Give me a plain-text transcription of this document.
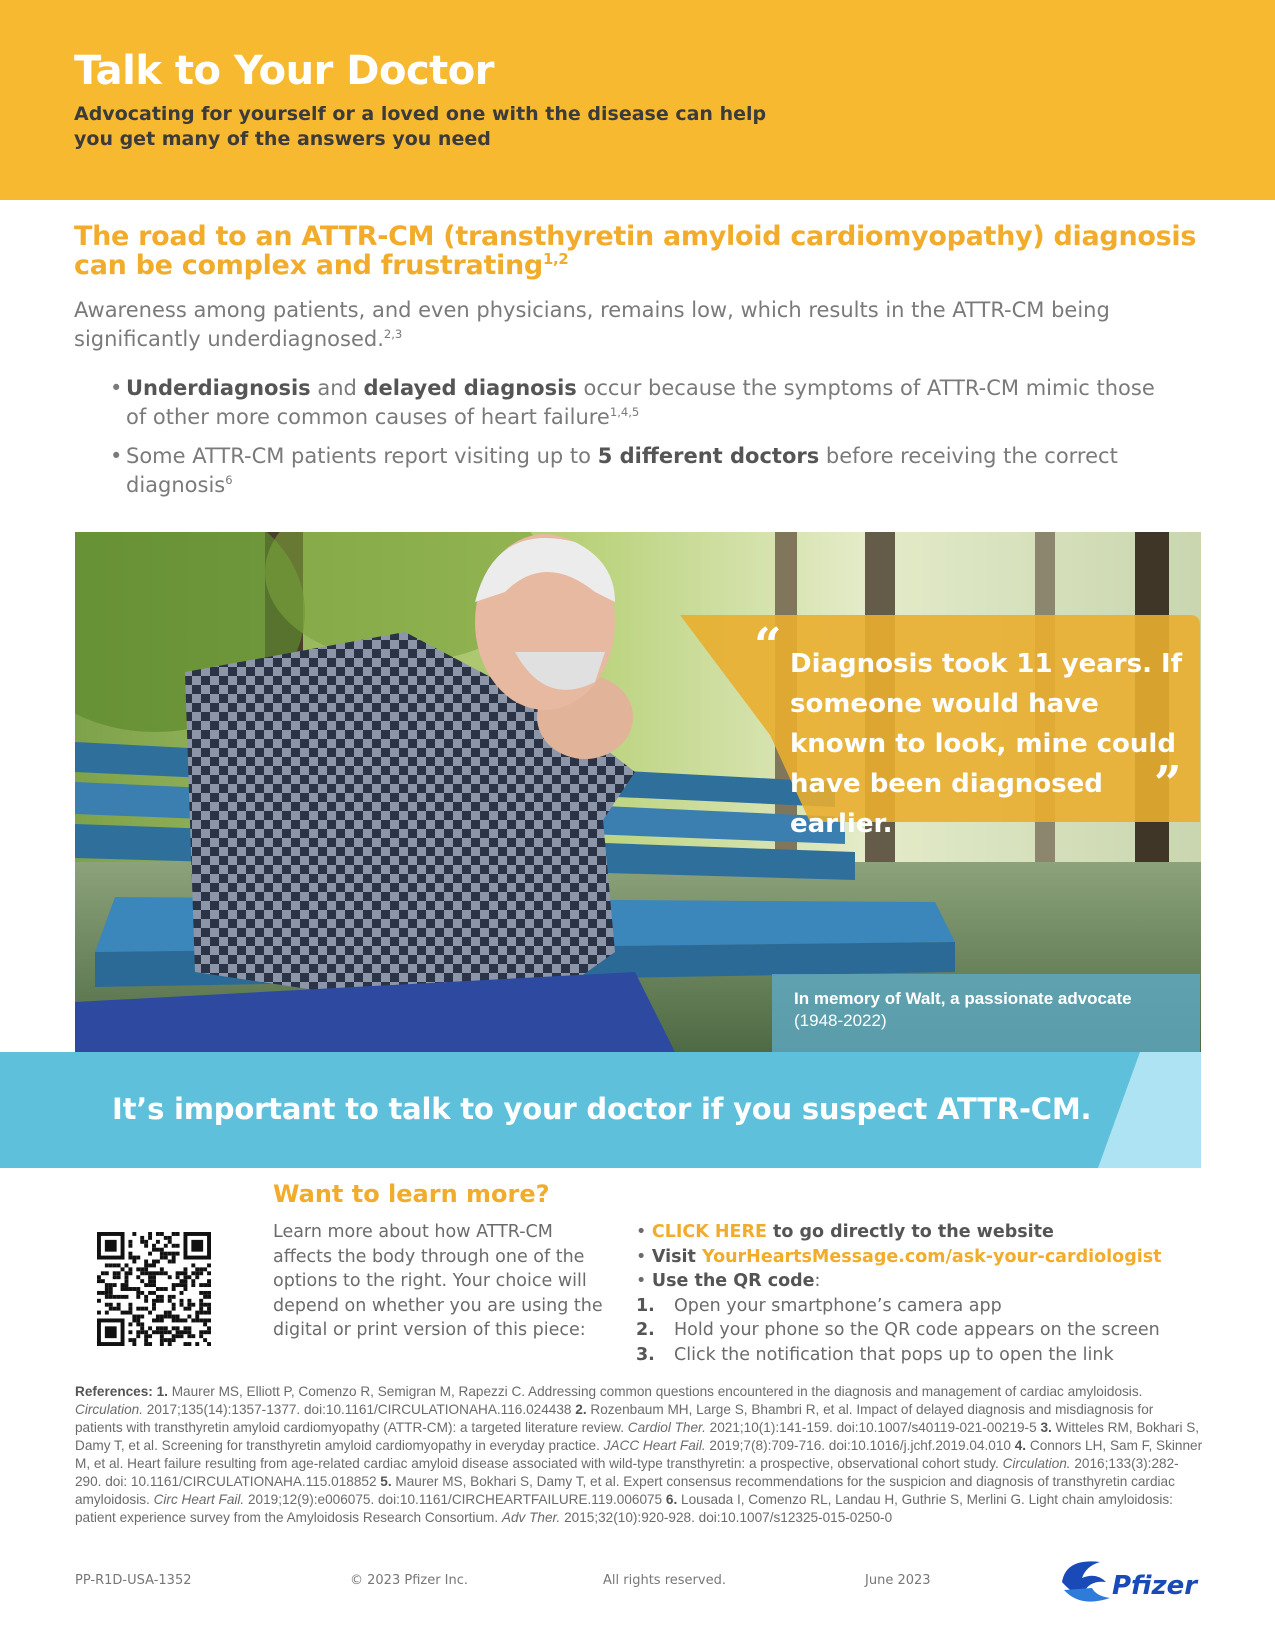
Talk to Your Doctor
Advocating for yourself or a loved one with the disease can help you get many of the answers you need
The road to an ATTR-CM (transthyretin amyloid cardiomyopathy) diagnosis can be complex and frustrating$^{1,2}$
Awareness among patients, and even physicians, remains low, which results in the ATTR-CM being significantly underdiagnosed.$^{2,3}$
• Underdiagnosis and delayed diagnosis occur because the symptoms of ATTR-CM mimic those of other more common causes of heart failure$^{1,4,5}$
• Some ATTR-CM patients report visiting up to 5 different doctors before receiving the correct diagnosis$^6$
“ Diagnosis took 11 years. If someone would have known to look, mine could have been diagnosed earlier.
”
In memory of Walt, a passionate advocate
(1948-2022)
It’s important to talk to your doctor if you suspect ATTR-CM.
Want to learn more?
Learn more about how ATTR-CM affects the body through one of the options to the right. Your choice will depend on whether you are using the digital or print version of this piece:
• CLICK HERE to go directly to the website
• Visit YourHeartsMessage.com/ask-your-cardiologist
• Use the QR code:
1. Open your smartphone’s camera app
2. Hold your phone so the QR code appears on the screen
3. Click the notification that pops up to open the link
References: 1. Maurer MS, Elliott P, Comenzo R, Semigran M, Rapezzi C. Addressing common questions encountered in the diagnosis and management of cardiac amyloidosis. Circulation. 2017;135(14):1357-1377. doi:10.1161/CIRCULATIONAHA.116.024438 2. Rozenbaum MH, Large S, Bhambri R, et al. Impact of delayed diagnosis and misdiagnosis for patients with transthyretin amyloid cardiomyopathy (ATTR-CM): a targeted literature review. Cardiol Ther. 2021;10(1):141-159. doi:10.1007/s40119-021-00219-5 3. Witteles RM, Bokhari S, Damy T, et al. Screening for transthyretin amyloid cardiomyopathy in everyday practice. JACC Heart Fail. 2019;7(8):709-716. doi:10.1016/j.jchf.2019.04.010 4. Connors LH, Sam F, Skinner M, et al. Heart failure resulting from age-related cardiac amyloid disease associated with wild-type transthyretin: a prospective, observational cohort study. Circulation. 2016;133(3):282-290. doi: 10.1161/CIRCULATIONAHA.115.018852 5. Maurer MS, Bokhari S, Damy T, et al. Expert consensus recommendations for the suspicion and diagnosis of transthyretin cardiac amyloidosis. Circ Heart Fail. 2019;12(9):e006075. doi:10.1161/CIRCHEARTFAILURE.119.006075 6. Lousada I, Comenzo RL, Landau H, Guthrie S, Merlini G. Light chain amyloidosis: patient experience survey from the Amyloidosis Research Consortium. Adv Ther. 2015;32(10):920-928. doi:10.1007/s12325-015-0250-0
PP-R1D-USA-1352	© 2023 Pfizer Inc.	All rights reserved.	June 2023	Pfizer
